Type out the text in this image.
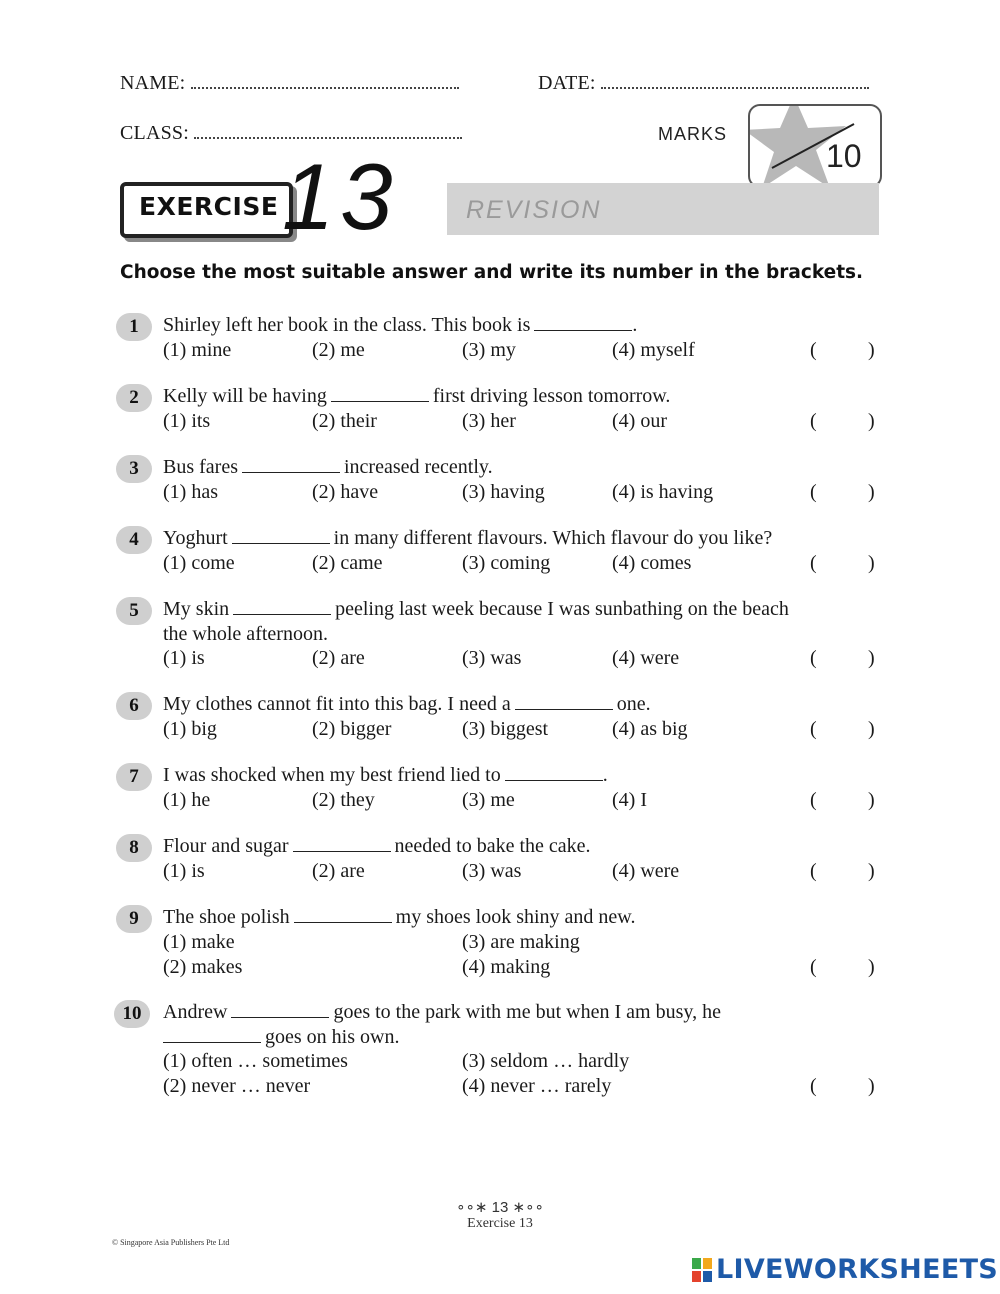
NAME:	DATE:
CLASS:	MARKS
10
EXERCISE 13	REVISION
Choose the most suitable answer and write its number in the brackets.
1	Shirley left her book in the class. This book is	.
(1) mine	(2) me	(3) my	(4) myself	(	)
2	Kelly will be having	first driving lesson tomorrow.
(1) its	(2) their	(3) her	(4) our	(	)
3	Bus fares	increased recently.
(1) has	(2) have	(3) having	(4) is having	(	)
4	Yoghurt	in many different flavours. Which flavour do you like?
(1) come	(2) came	(3) coming	(4) comes	(	)
5	My skin	peeling last week because I was sunbathing on the beach
the whole afternoon.
(1) is	(2) are	(3) was	(4) were	(	)
6	My clothes cannot fit into this bag. I need a	one.
(1) big	(2) bigger	(3) biggest	(4) as big	(	)
7	I was shocked when my best friend lied to	.
(1) he	(2) they	(3) me	(4) I	(	)
8	Flour and sugar	needed to bake the cake.
(1) is	(2) are	(3) was	(4) were	(	)
9	The shoe polish	my shoes look shiny and new.
(1) make	(3) are making
(2) makes	(4) making	(	)
10	Andrew	goes to the park with me but when I am busy, he
goes on his own.
(1) often … sometimes	(3) seldom … hardly
(2) never … never	(4) never … rarely	(	)
∘∘∗ 13 ∗∘∘
Exercise 13
© Singapore Asia Publishers Pte Ltd
LIVEWORKSHEETS
